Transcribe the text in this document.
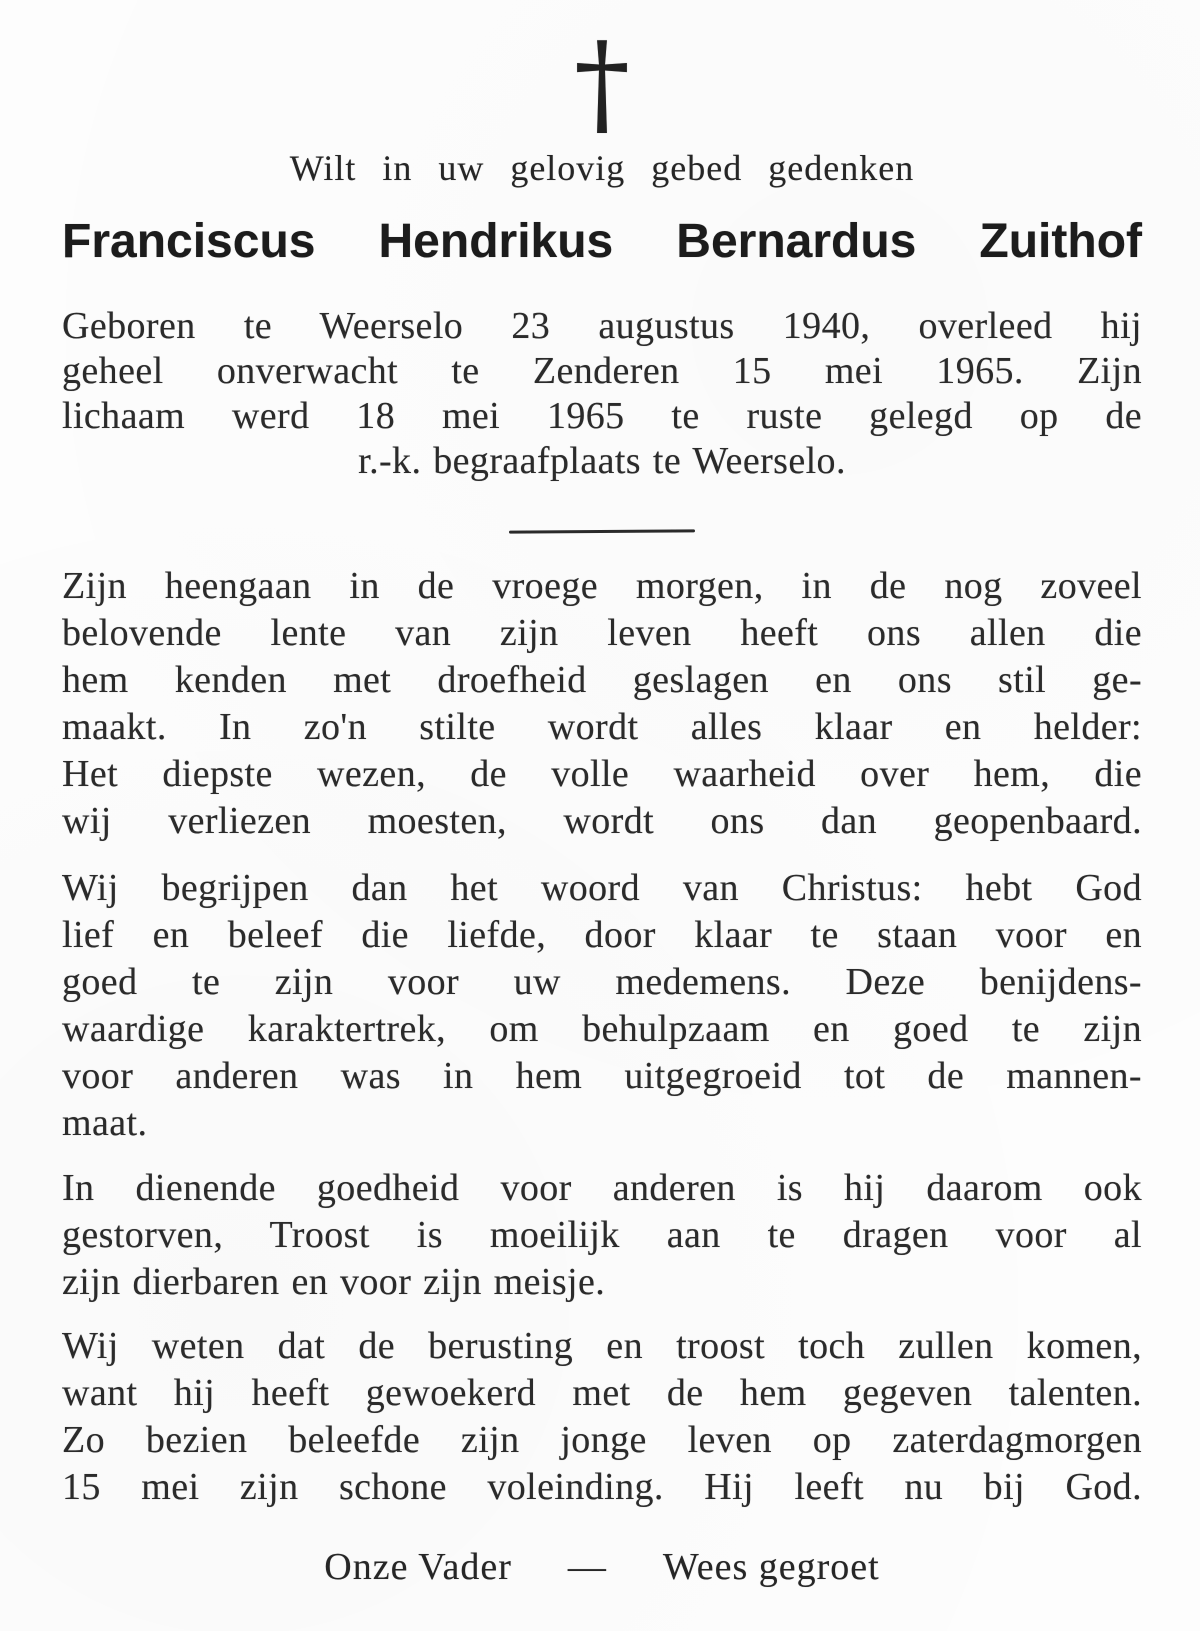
†
Wilt in uw gelovig gebed gedenken
Franciscus Hendrikus Bernardus Zuithof
Geboren te Weerselo 23 augustus 1940, overleed hij
geheel onverwacht te Zenderen 15 mei 1965. Zijn
lichaam werd 18 mei 1965 te ruste gelegd op de
r.-k. begraafplaats te Weerselo.
Zijn heengaan in de vroege morgen, in de nog zoveel
belovende lente van zijn leven heeft ons allen die
hem kenden met droefheid geslagen en ons stil ge-
maakt. In zo'n stilte wordt alles klaar en helder:
Het diepste wezen, de volle waarheid over hem, die
wij verliezen moesten, wordt ons dan geopenbaard.
Wij begrijpen dan het woord van Christus: hebt God
lief en beleef die liefde, door klaar te staan voor en
goed te zijn voor uw medemens. Deze benijdens-
waardige karaktertrek, om behulpzaam en goed te zijn
voor anderen was in hem uitgegroeid tot de mannen-
maat.
In dienende goedheid voor anderen is hij daarom ook
gestorven, Troost is moeilijk aan te dragen voor al
zijn dierbaren en voor zijn meisje.
Wij weten dat de berusting en troost toch zullen komen,
want hij heeft gewoekerd met de hem gegeven talenten.
Zo bezien beleefde zijn jonge leven op zaterdagmorgen
15 mei zijn schone voleinding. Hij leeft nu bij God.
Onze Vader — Wees gegroet
